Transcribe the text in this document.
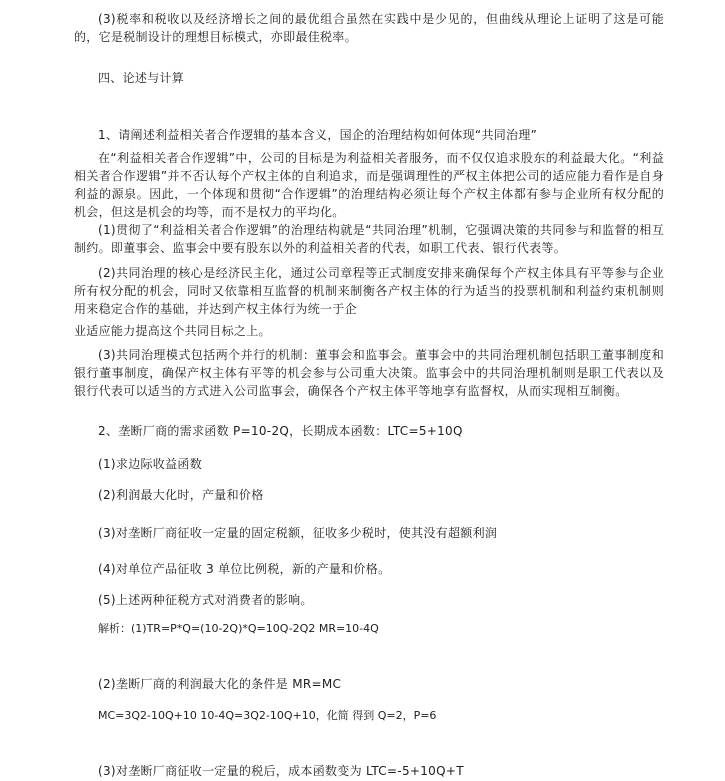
(3)税率和税收以及经济增长之间的最优组合虽然在实践中是少见的，但曲线从理论上证明了这是可能的，它是税制设计的理想目标模式，亦即最佳税率。

四、论述与计算

1、请阐述利益相关者合作逻辑的基本含义，国企的治理结构如何体现“共同治理”

在“利益相关者合作逻辑”中，公司的目标是为利益相关者服务，而不仅仅追求股东的利益最大化。“利益相关者合作逻辑”并不否认每个产权主体的自利追求，而是强调理性的严权主体把公司的适应能力看作是自身利益的源泉。因此，一个体现和贯彻“合作逻辑”的治理结构必须让每个产权主体都有参与企业所有权分配的机会，但这是机会的均等，而不是权力的平均化。

(1)贯彻了“利益相关者合作逻辑”的治理结构就是“共同治理”机制，它强调决策的共同参与和监督的相互制约。即董事会、监事会中要有股东以外的利益相关者的代表，如职工代表、银行代表等。

(2)共同治理的核心是经济民主化，通过公司章程等正式制度安排来确保每个产权主体具有平等参与企业所有权分配的机会，同时又依靠相互监督的机制来制衡各产权主体的行为适当的投票机制和利益约束机制则用来稳定合作的基础，并达到产权主体行为统一于企

业适应能力提高这个共同目标之上。

(3)共同治理模式包括两个并行的机制：董事会和监事会。董事会中的共同治理机制包括职工董事制度和银行董事制度，确保产权主体有平等的机会参与公司重大决策。监事会中的共同治理机制则是职工代表以及银行代表可以适当的方式进入公司监事会，确保各个产权主体平等地享有监督权，从而实现相互制衡。

2、垄断厂商的需求函数 P=10-2Q，长期成本函数：LTC=5+10Q

(1)求边际收益函数

(2)利润最大化时，产量和价格

(3)对垄断厂商征收一定量的固定税额，征收多少税时，使其没有超额利润

(4)对单位产品征收 3 单位比例税，新的产量和价格。

(5)上述两种征税方式对消费者的影响。

解析：(1)TR=P*Q=(10-2Q)*Q=10Q-2Q2 MR=10-4Q

(2)垄断厂商的利润最大化的条件是 MR=MC

MC=3Q2-10Q+10 10-4Q=3Q2-10Q+10，化简 得到 Q=2，P=6

(3)对垄断厂商征收一定量的税后，成本函数变为 LTC=-5+10Q+T
